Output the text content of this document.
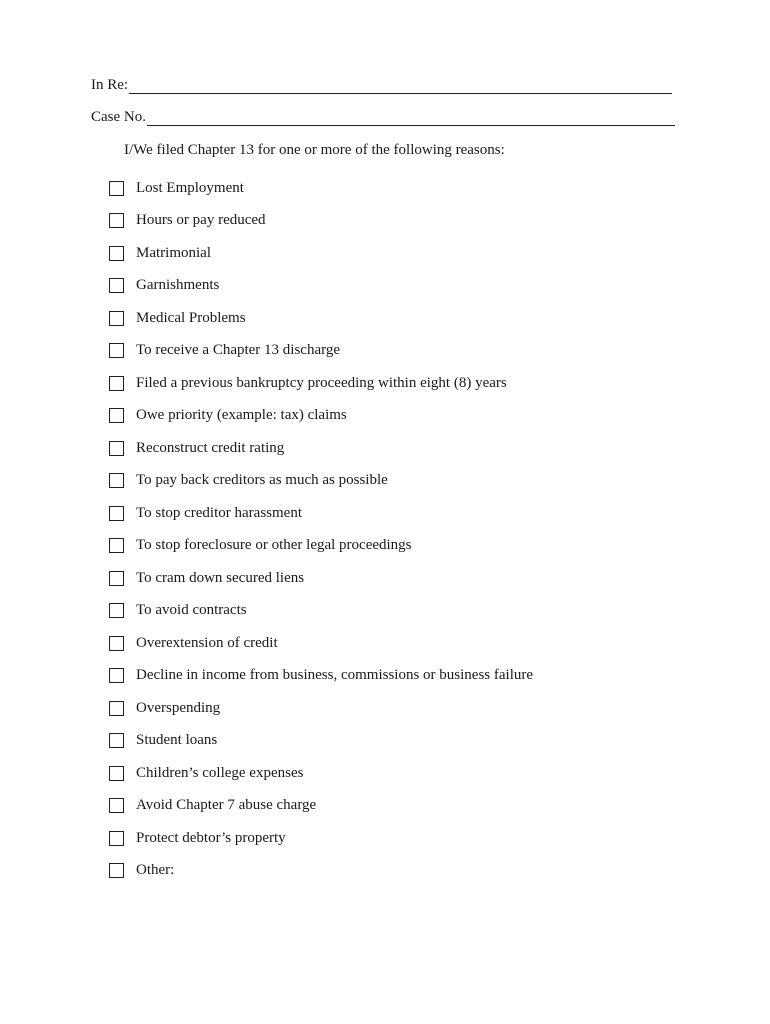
In Re:
Case No.
I/We filed Chapter 13 for one or more of the following reasons:
Lost Employment
Hours or pay reduced
Matrimonial
Garnishments
Medical Problems
To receive a Chapter 13 discharge
Filed a previous bankruptcy proceeding within eight (8) years
Owe priority (example: tax) claims
Reconstruct credit rating
To pay back creditors as much as possible
To stop creditor harassment
To stop foreclosure or other legal proceedings
To cram down secured liens
To avoid contracts
Overextension of credit
Decline in income from business, commissions or business failure
Overspending
Student loans
Children’s college expenses
Avoid Chapter 7 abuse charge
Protect debtor’s property
Other:
